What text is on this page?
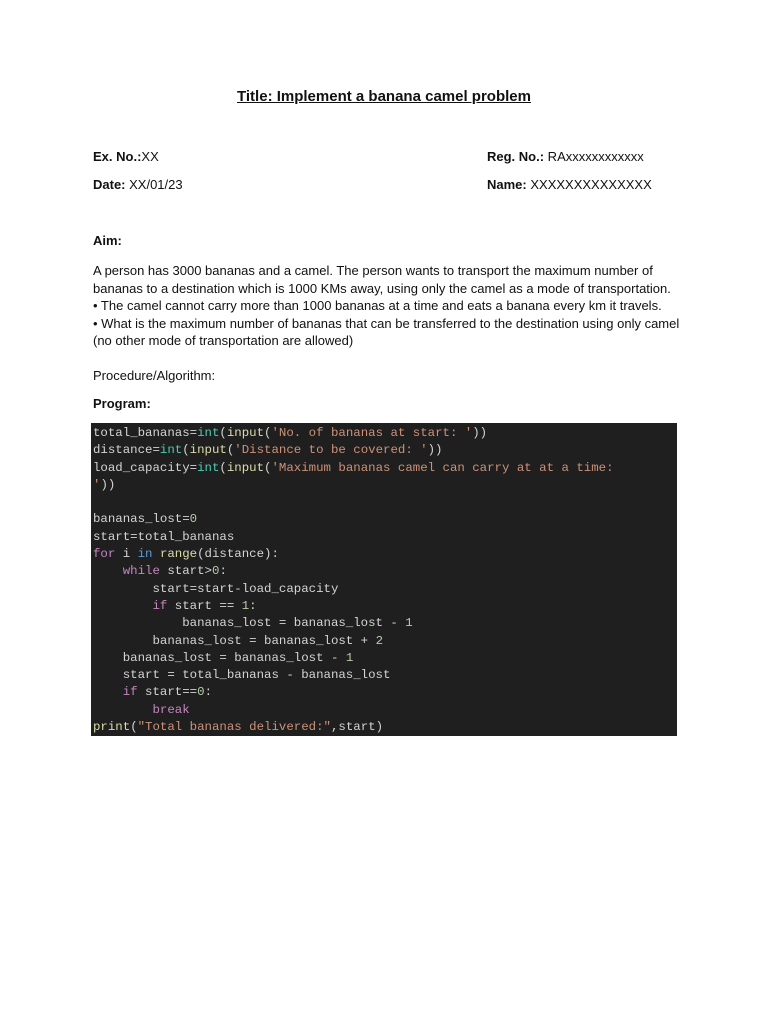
Title: Implement a banana camel problem
Ex. No.:XX	Reg. No.: RAxxxxxxxxxxxx
Date: XX/01/23	Name: XXXXXXXXXXXXXX
Aim:

A person has 3000 bananas and a camel. The person wants to transport the maximum number of bananas to a destination which is 1000 KMs away, using only the camel as a mode of transportation.

• The camel cannot carry more than 1000 bananas at a time and eats a banana every km it travels.

• What is the maximum number of bananas that can be transferred to the destination using only camel (no other mode of transportation are allowed)

Procedure/Algorithm:
Program:
total_bananas=int(input('No. of bananas at start: '))
distance=int(input('Distance to be covered: '))
load_capacity=int(input('Maximum bananas camel can carry at at a time:
'))
bananas_lost=0
start=total_bananas
for i in range(distance):
while start>0:
start=start-load_capacity
if start == 1:
bananas_lost = bananas_lost - 1
bananas_lost = bananas_lost + 2
bananas_lost = bananas_lost - 1
start = total_bananas - bananas_lost
if start==0:
break
print("Total bananas delivered:",start)
